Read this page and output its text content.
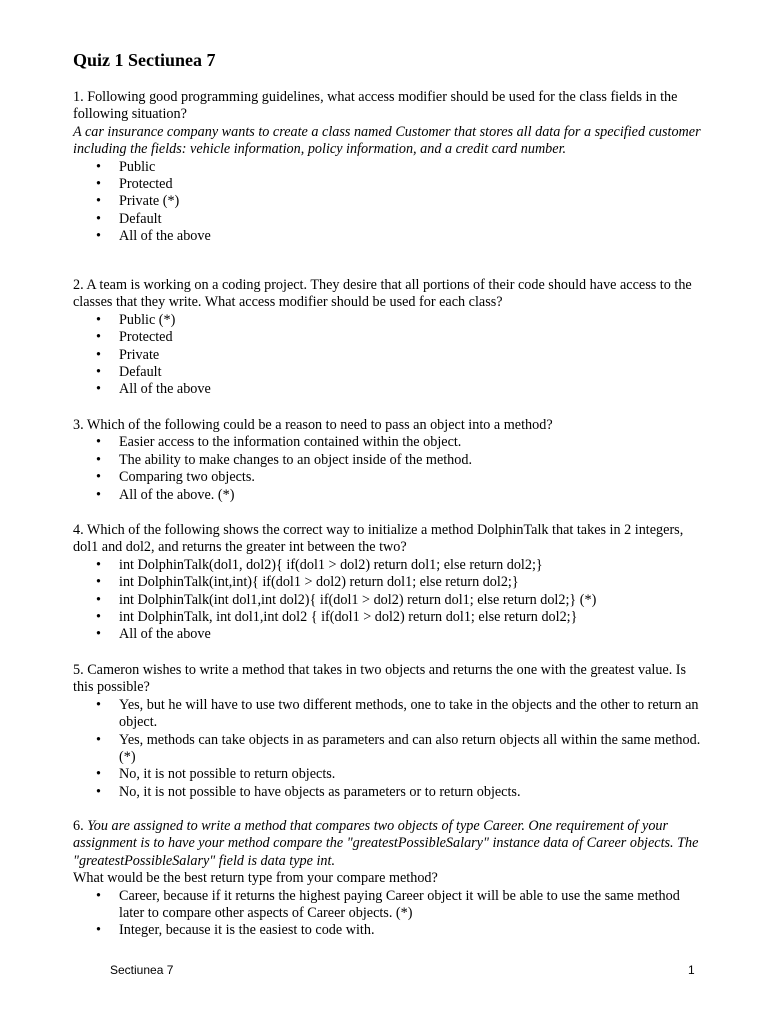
Quiz 1 Sectiunea 7

1. Following good programming guidelines, what access modifier should be used for the class fields in the following situation?

A car insurance company wants to create a class named Customer that stores all data for a specified customer including the fields: vehicle information, policy information, and a credit card number.

• Public
• Protected
• Private (*)
• Default
• All of the above

2. A team is working on a coding project. They desire that all portions of their code should have access to the classes that they write. What access modifier should be used for each class?

• Public (*)
• Protected
• Private
• Default
• All of the above

3. Which of the following could be a reason to need to pass an object into a method?

• Easier access to the information contained within the object.
• The ability to make changes to an object inside of the method.
• Comparing two objects.
• All of the above. (*)

4. Which of the following shows the correct way to initialize a method DolphinTalk that takes in 2 integers, dol1 and dol2, and returns the greater int between the two?

• int DolphinTalk(dol1, dol2){ if(dol1 > dol2) return dol1; else return dol2;}
• int DolphinTalk(int,int){ if(dol1 > dol2) return dol1; else return dol2;}
• int DolphinTalk(int dol1,int dol2){ if(dol1 > dol2) return dol1; else return dol2;} (*)
• int DolphinTalk, int dol1,int dol2 { if(dol1 > dol2) return dol1; else return dol2;}
• All of the above

5. Cameron wishes to write a method that takes in two objects and returns the one with the greatest value. Is this possible?

• Yes, but he will have to use two different methods, one to take in the objects and the other to return an object.
• Yes, methods can take objects in as parameters and can also return objects all within the same method. (*)
• No, it is not possible to return objects.
• No, it is not possible to have objects as parameters or to return objects.

6. You are assigned to write a method that compares two objects of type Career. One requirement of your assignment is to have your method compare the "greatestPossibleSalary" instance data of Career objects. The "greatestPossibleSalary" field is data type int.

What would be the best return type from your compare method?

• Career, because if it returns the highest paying Career object it will be able to use the same method later to compare other aspects of Career objects. (*)
• Integer, because it is the easiest to code with.
Sectiunea 7	1
